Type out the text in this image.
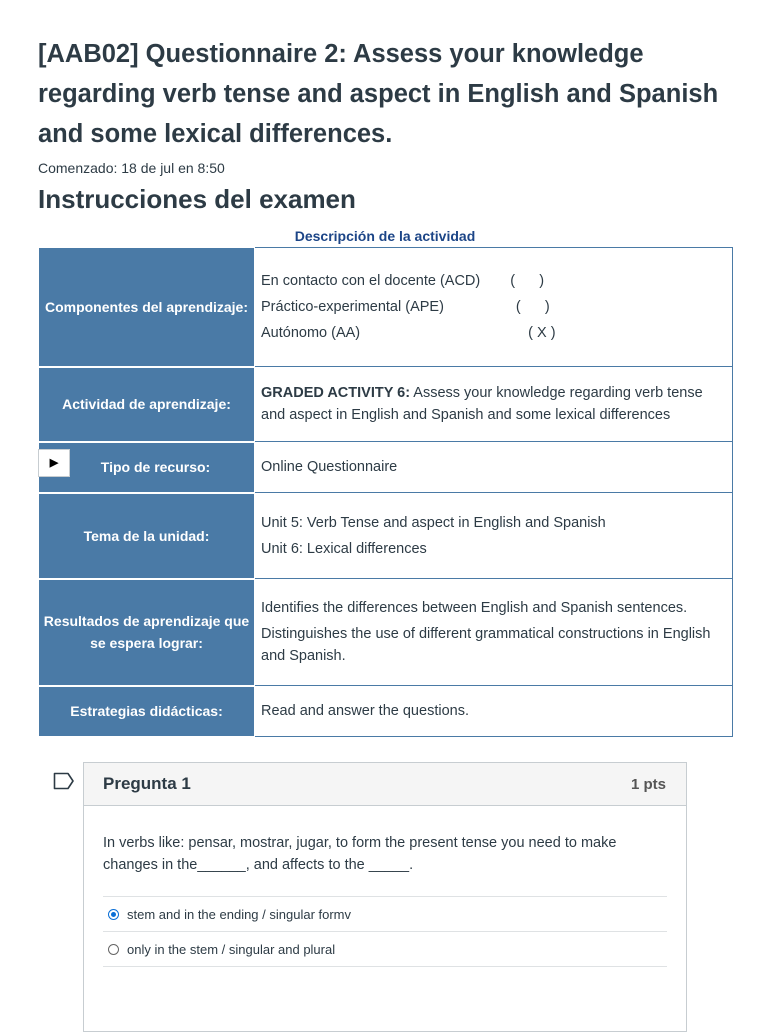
[AAB02] Questionnaire 2: Assess your knowledge regarding verb tense and aspect in English and Spanish and some lexical differences.
Comenzado: 18 de jul en 8:50
Instrucciones del examen
Descripción de la actividad
Componentes del aprendizaje:	En contacto con el docente (ACD) (      )

Práctico-experimental (APE) (      )

Autónomo (AA) ( X )

Actividad de aprendizaje:	GRADED ACTIVITY 6: Assess your knowledge regarding verb tense and aspect in English and Spanish and some lexical differences

▶ Tipo de recurso:	Online Questionnaire
Tema de la unidad:	Unit 5: Verb Tense and aspect in English and Spanish

Unit 6: Lexical differences

Resultados de aprendizaje que se espera lograr:	Identifies the differences between English and Spanish sentences.

Distinguishes the use of different grammatical constructions in English and Spanish.

Estrategias didácticas:	Read and answer the questions.
Pregunta 1	1 pts
In verbs like: pensar, mostrar, jugar, to form the present tense you need to make changes in the______, and affects to the _____.
stem and in the ending / singular formv
only in the stem / singular and plural
